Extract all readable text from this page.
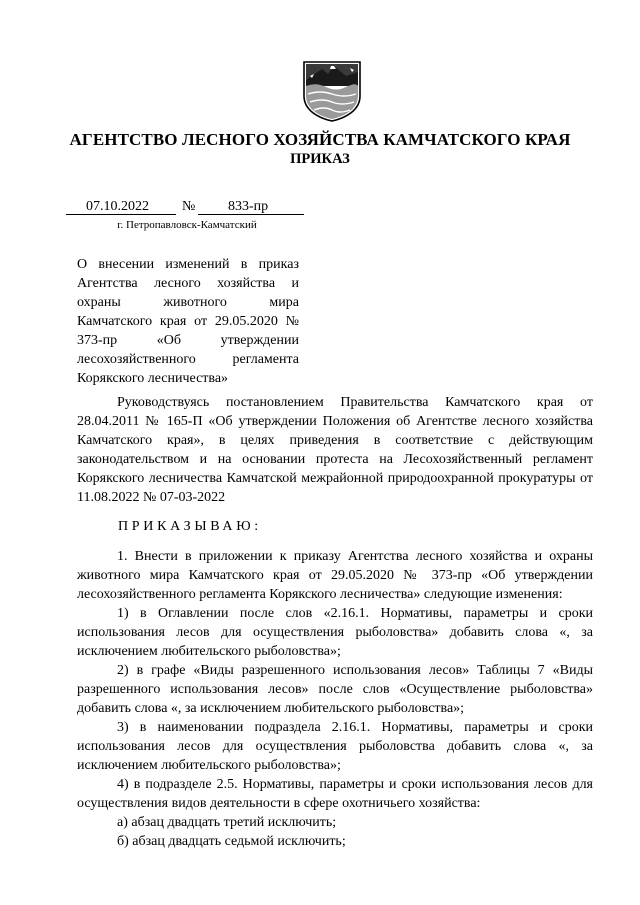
АГЕНТСТВО ЛЕСНОГО ХОЗЯЙСТВА КАМЧАТСКОГО КРАЯ
ПРИКАЗ
07.10.2022 № 833-пр
г. Петропавловск-Камчатский
О внесении изменений в приказ Агентства лесного хозяйства и охраны животного мира Камчатского края от 29.05.2020 № 373-пр «Об утверждении лесохозяйственного регламента Корякского лесничества»
Руководствуясь постановлением Правительства Камчатского края от 28.04.2011 № 165-П «Об утверждении Положения об Агентстве лесного хозяйства Камчатского края», в целях приведения в соответствие с действующим законодательством и на основании протеста на Лесохозяйственный регламент Корякского лесничества Камчатской межрайонной природоохранной прокуратуры от 11.08.2022 № 07-03-2022
ПРИКАЗЫВАЮ:

1. Внести в приложении к приказу Агентства лесного хозяйства и охраны животного мира Камчатского края от 29.05.2020 № 373-пр «Об утверждении лесохозяйственного регламента Корякского лесничества» следующие изменения:

1) в Оглавлении после слов «2.16.1. Нормативы, параметры и сроки использования лесов для осуществления рыболовства» добавить слова «, за исключением любительского рыболовства»;

2) в графе «Виды разрешенного использования лесов» Таблицы 7 «Виды разрешенного использования лесов» после слов «Осуществление рыболовства» добавить слова «, за исключением любительского рыболовства»;

3) в наименовании подраздела 2.16.1. Нормативы, параметры и сроки использования лесов для осуществления рыболовства добавить слова «, за исключением любительского рыболовства»;

4) в подразделе 2.5. Нормативы, параметры и сроки использования лесов для осуществления видов деятельности в сфере охотничьего хозяйства:

а) абзац двадцать третий исключить;

б) абзац двадцать седьмой исключить;
